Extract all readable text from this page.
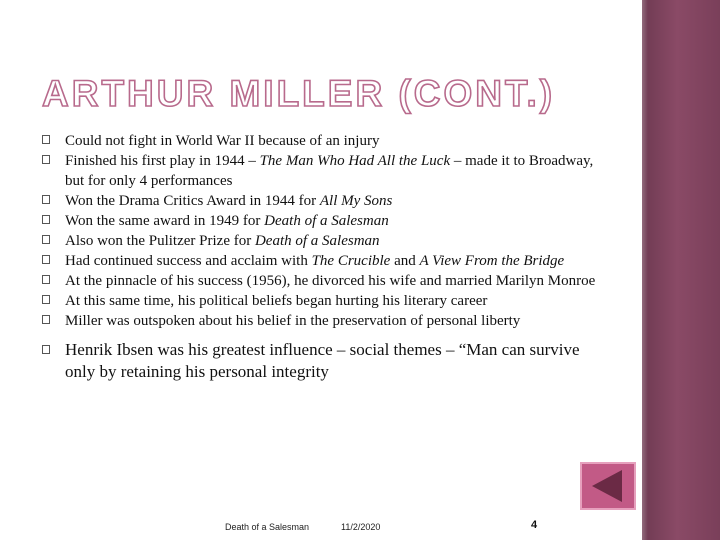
ARTHUR MILLER (CONT.)
Could not fight in World War II because of an injury
Finished his first play in 1944 – The Man Who Had All the Luck – made it to Broadway, but for only 4 performances
Won the Drama Critics Award in 1944 for All My Sons
Won the same award in 1949 for Death of a Salesman
Also won the Pulitzer Prize for Death of a Salesman
Had continued success and acclaim with The Crucible and A View From the Bridge
At the pinnacle of his success (1956), he divorced his wife and married Marilyn Monroe
At this same time, his political beliefs began hurting his literary career
Miller was outspoken about his belief in the preservation of personal liberty
Henrik Ibsen was his greatest influence – social themes – “Man can survive only by retaining his personal integrity
Death of a Salesman	11/2/2020	4
